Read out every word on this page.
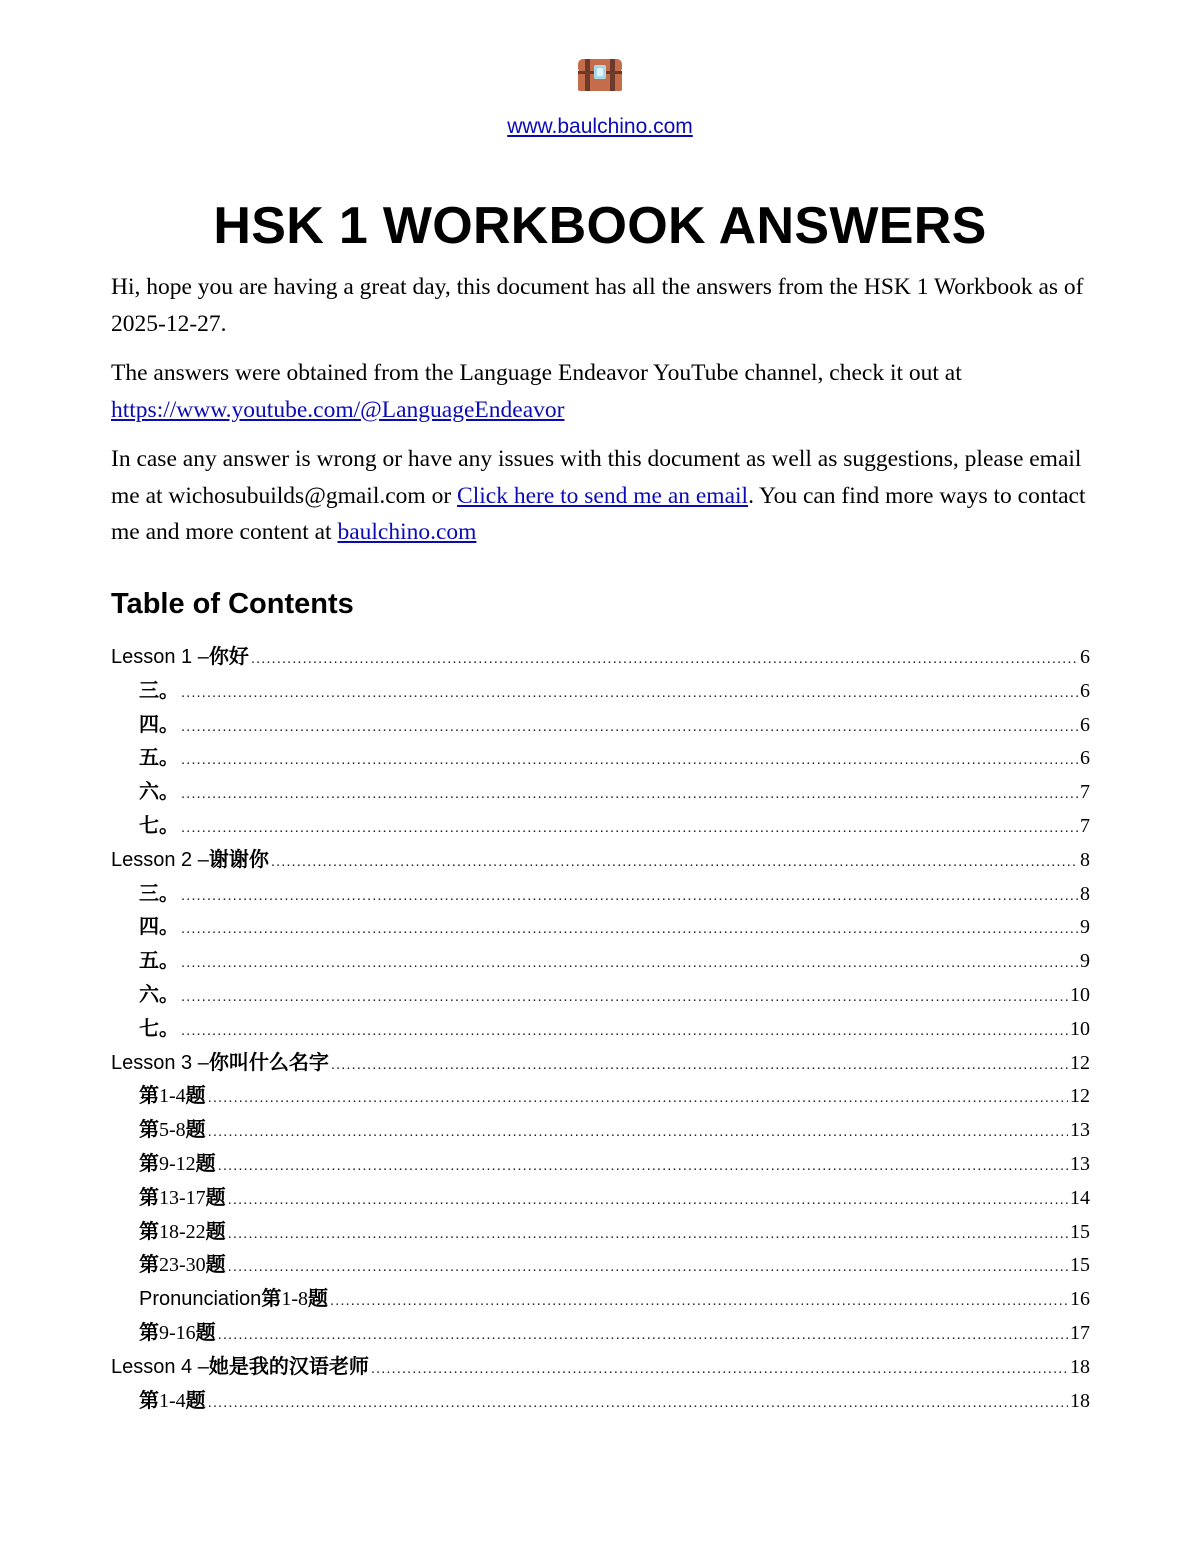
www.baulchino.com
HSK 1 WORKBOOK ANSWERS

Hi, hope you are having a great day, this document has all the answers from the HSK 1 Workbook as of 2025-12-27.

The answers were obtained from the Language Endeavor YouTube channel, check it out at https://www.youtube.com/@LanguageEndeavor

In case any answer is wrong or have any issues with this document as well as suggestions, please email me at wichosubuilds@gmail.com or Click here to send me an email. You can find more ways to contact me and more content at baulchino.com

Table of Contents
Lesson 1 – 你好 .....	6
三。 .....	6
四。 .....	6
五。 .....	6
六。 .....	7
七。 .....	7
Lesson 2 – 谢谢你 .....	8
三。 .....	8
四。 .....	9
五。 .....	9
六。 .....	10
七。 .....	10
Lesson 3 – 你叫什么名字 .....	12
第 1-4 题 .....	12
第 5-8 题 .....	13
第 9-12 题 .....	13
第 13-17 题 .....	14
第 18-22 题 .....	15
第 23-30 题 .....	15
Pronunciation 第 1-8 题 .....	16
第 9-16 题 .....	17
Lesson 4 – 她是我的汉语老师 .....	18
第 1-4 题 .....	18
